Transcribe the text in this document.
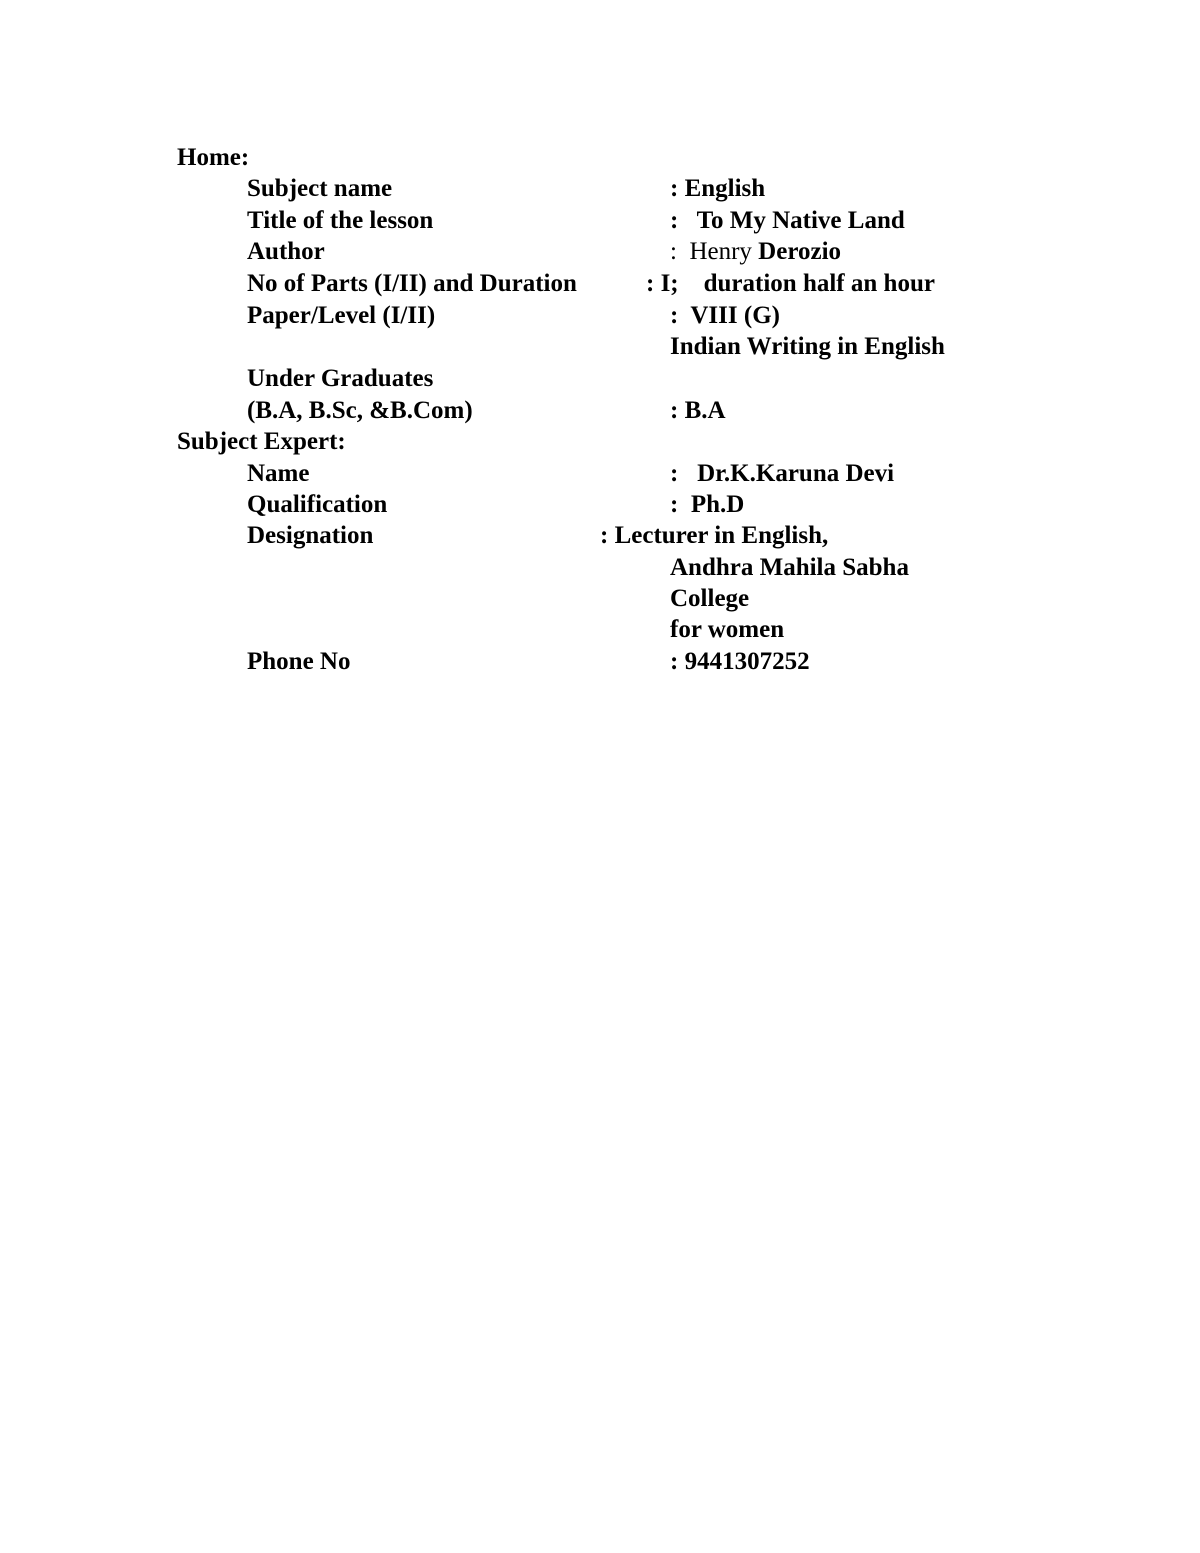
Home:
Subject name	: English
Title of the lesson	:   To My Native Land
Author	:  Henry Derozio
No of Parts (I/II) and Duration	: I;    duration half an hour
Paper/Level (I/II)	:  VIII (G)
Indian Writing in English
Under Graduates
(B.A, B.Sc, &B.Com)	: B.A
Subject Expert:
Name	:   Dr.K.Karuna Devi
Qualification	:  Ph.D
Designation	: Lecturer in English,
Andhra Mahila Sabha
College
for women
Phone No	: 9441307252
